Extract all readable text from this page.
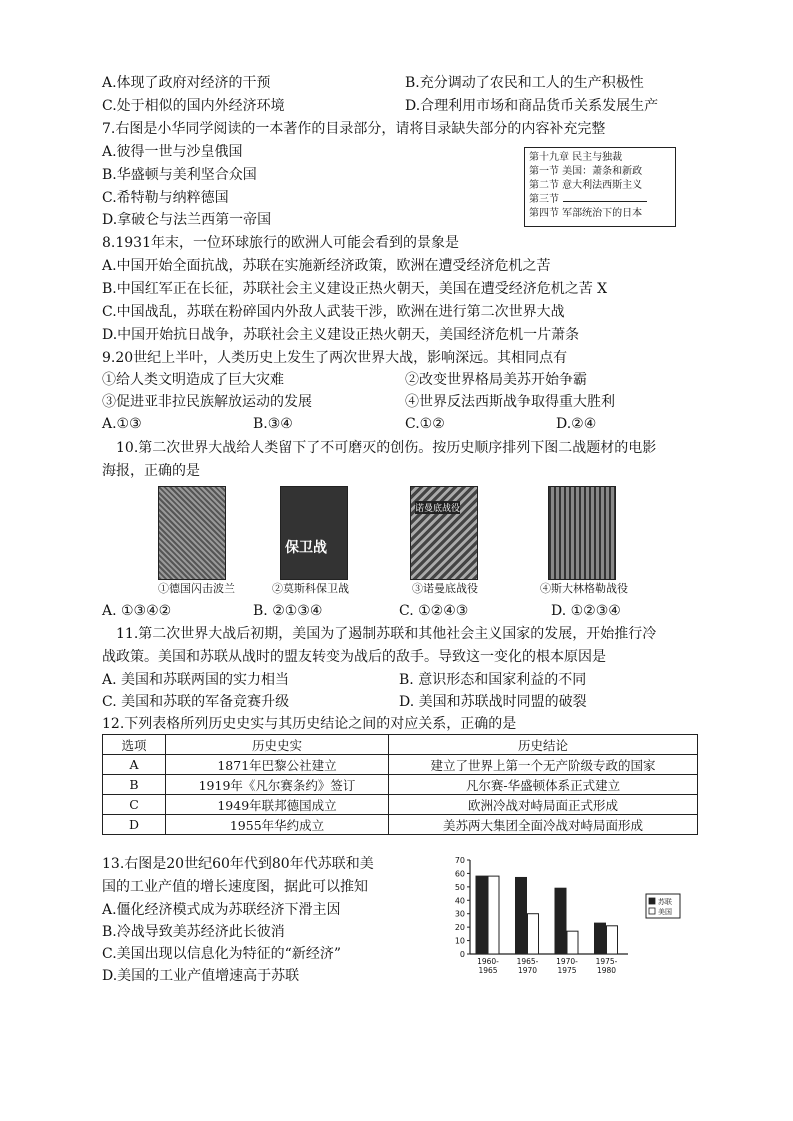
A.体现了政府对经济的干预	B.充分调动了农民和工人的生产积极性
C.处于相似的国内外经济环境	D.合理利用市场和商品货币关系发展生产
7.右图是小华同学阅读的一本著作的目录部分，请将目录缺失部分的内容补充完整
A.彼得一世与沙皇俄国
B.华盛顿与美利坚合众国
C.希特勒与纳粹德国
D.拿破仑与法兰西第一帝国
第十九章 民主与独裁
第一节 美国：萧条和新政
第二节 意大利法西斯主义
第三节
第四节 军部统治下的日本
8.1931年末，一位环球旅行的欧洲人可能会看到的景象是
A.中国开始全面抗战，苏联在实施新经济政策，欧洲在遭受经济危机之苦
B.中国红军正在长征，苏联社会主义建设正热火朝天，美国在遭受经济危机之苦 X
C.中国战乱，苏联在粉碎国内外敌人武装干涉，欧洲在进行第二次世界大战
D.中国开始抗日战争，苏联社会主义建设正热火朝天，美国经济危机一片萧条
9.20世纪上半叶，人类历史上发生了两次世界大战，影响深远。其相同点有
①给人类文明造成了巨大灾难	②改变世界格局美苏开始争霸
③促进亚非拉民族解放运动的发展	④世界反法西斯战争取得重大胜利
A.①③	B.③④	C.①②	D.②④
10.第二次世界大战给人类留下了不可磨灭的创伤。按历史顺序排列下图二战题材的电影
海报，正确的是
保卫战
诺曼底战役
①德国闪击波兰	②莫斯科保卫战	③诺曼底战役	④斯大林格勒战役
A. ①③④②	B. ②①③④	C. ①②④③	D. ①②③④
11.第二次世界大战后初期，美国为了遏制苏联和其他社会主义国家的发展，开始推行冷
战政策。美国和苏联从战时的盟友转变为战后的敌手。导致这一变化的根本原因是
A. 美国和苏联两国的实力相当	B. 意识形态和国家利益的不同
C. 美国和苏联的军备竞赛升级	D. 美国和苏联战时同盟的破裂
12.下列表格所列历史史实与其历史结论之间的对应关系，正确的是
选项	历史史实	历史结论
A	1871年巴黎公社建立	建立了世界上第一个无产阶级专政的国家
B	1919年《凡尔赛条约》签订	凡尔赛-华盛顿体系正式建立
C	1949年联邦德国成立	欧洲冷战对峙局面正式形成
D	1955年华约成立	美苏两大集团全面冷战对峙局面形成
13.右图是20世纪60年代到80年代苏联和美
国的工业产值的增长速度图，据此可以推知
A.僵化经济模式成为苏联经济下滑主因
B.冷战导致美苏经济此长彼消
C.美国出现以信息化为特征的“新经济”
D.美国的工业产值增速高于苏联
0
10
20
30
40
50
60
70
1960-
1965
1965-
1970
1970-
1975
1975-
1980
苏联
美国
